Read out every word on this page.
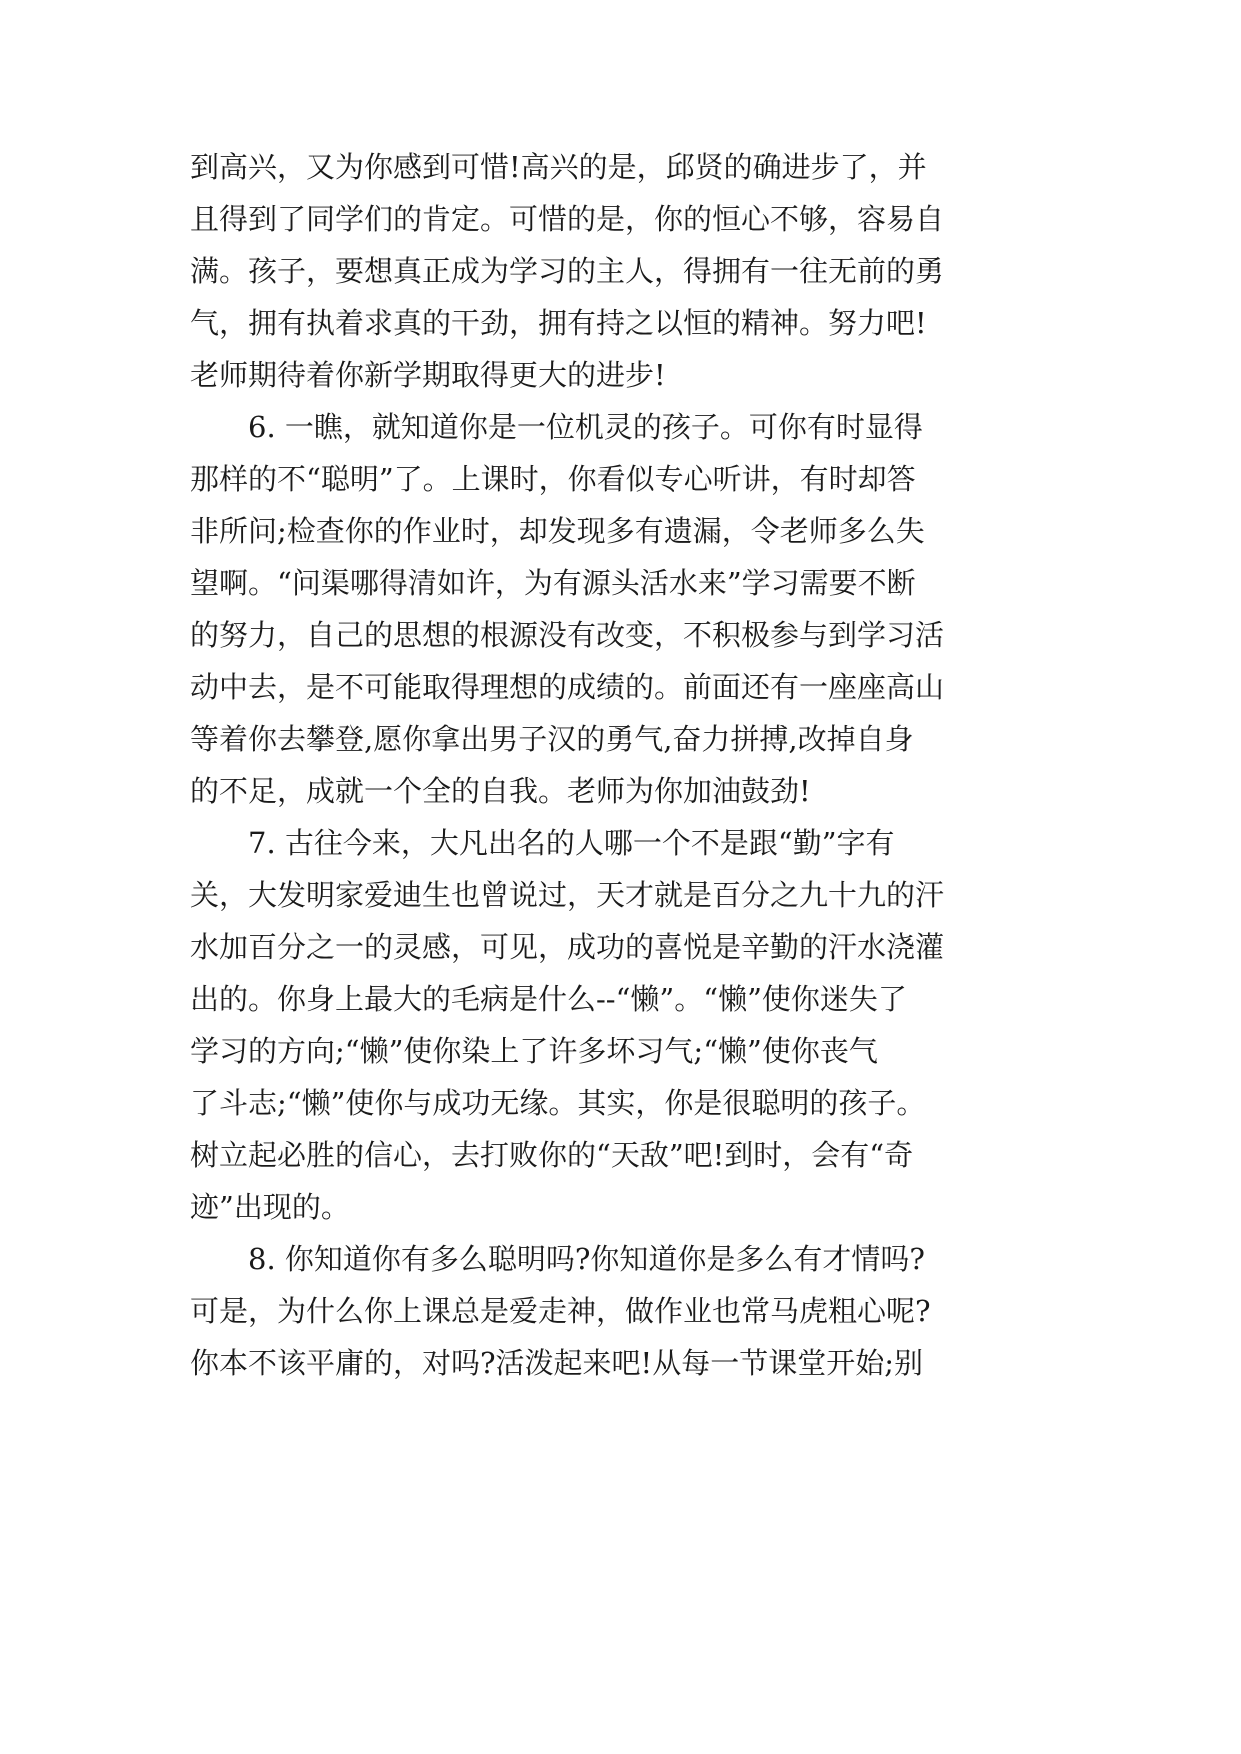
到高兴，又为你感到可惜!高兴的是，邱贤的确进步了，并
且得到了同学们的肯定。可惜的是，你的恒心不够，容易自
满。孩子，要想真正成为学习的主人，得拥有一往无前的勇
气，拥有执着求真的干劲，拥有持之以恒的精神。努力吧!
老师期待着你新学期取得更大的进步!
6. 一瞧，就知道你是一位机灵的孩子。可你有时显得
那样的不“聪明”了。上课时，你看似专心听讲，有时却答
非所问;检查你的作业时，却发现多有遗漏，令老师多么失
望啊。“问渠哪得清如许，为有源头活水来”学习需要不断
的努力，自己的思想的根源没有改变，不积极参与到学习活
动中去，是不可能取得理想的成绩的。前面还有一座座高山
等着你去攀登,愿你拿出男子汉的勇气,奋力拼搏,改掉自身
的不足，成就一个全的自我。老师为你加油鼓劲!
7. 古往今来，大凡出名的人哪一个不是跟“勤”字有
关，大发明家爱迪生也曾说过，天才就是百分之九十九的汗
水加百分之一的灵感，可见，成功的喜悦是辛勤的汗水浇灌
出的。你身上最大的毛病是什么--“懒”。“懒”使你迷失了
学习的方向;“懒”使你染上了许多坏习气;“懒”使你丧气
了斗志;“懒”使你与成功无缘。其实，你是很聪明的孩子。
树立起必胜的信心，去打败你的“天敌”吧!到时，会有“奇
迹”出现的。
8. 你知道你有多么聪明吗?你知道你是多么有才情吗?
可是，为什么你上课总是爱走神，做作业也常马虎粗心呢?
你本不该平庸的，对吗?活泼起来吧!从每一节课堂开始;别
